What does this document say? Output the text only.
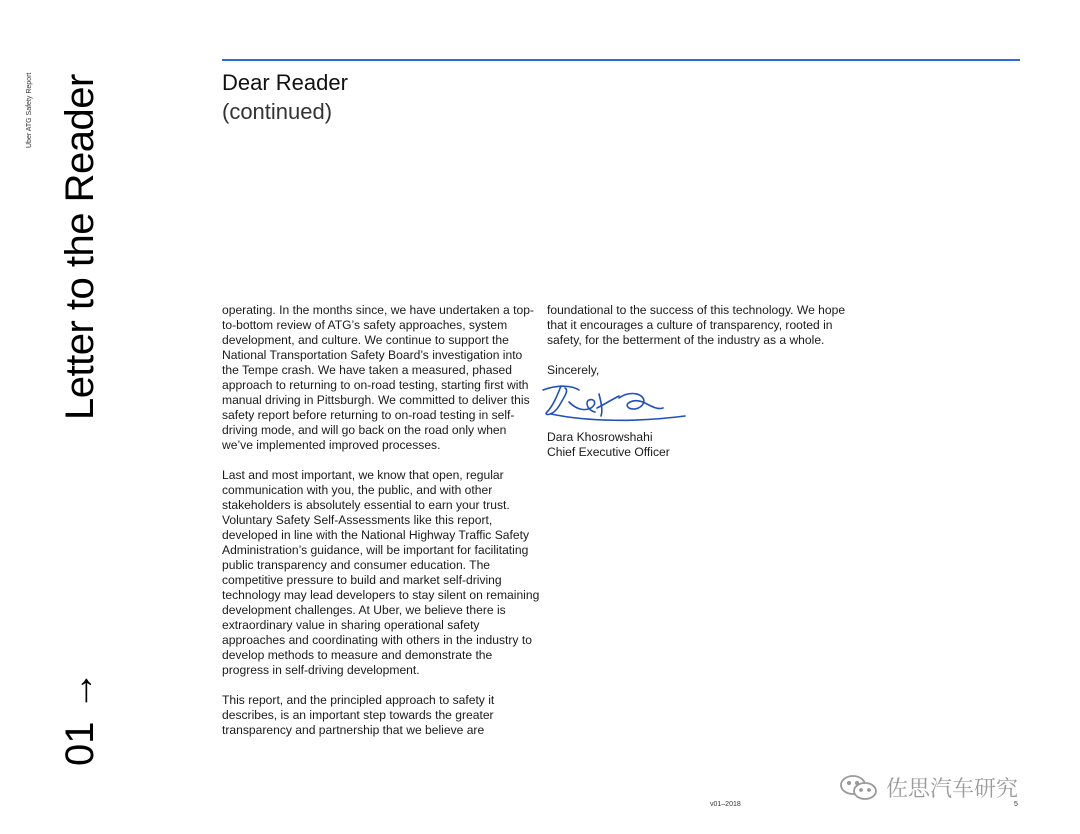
Uber ATG Safety Report Letter to the Reader
01 →
Dear Reader
(continued)

operating. In the months since, we have undertaken a top-to-bottom review of ATG’s safety approaches, system development, and culture. We continue to support the National Transportation Safety Board’s investigation into the Tempe crash. We have taken a measured, phased approach to returning to on-road testing, starting first with manual driving in Pittsburgh. We committed to deliver this safety report before returning to on-road testing in self-driving mode, and will go back on the road only when we’ve implemented improved processes.

Last and most important, we know that open, regular communication with you, the public, and with other stakeholders is absolutely essential to earn your trust. Voluntary Safety Self-Assessments like this report, developed in line with the National Highway Traffic Safety Administration’s guidance, will be important for facilitating public transparency and consumer education. The competitive pressure to build and market self-driving technology may lead developers to stay silent on remaining development challenges. At Uber, we believe there is extraordinary value in sharing operational safety approaches and coordinating with others in the industry to develop methods to measure and demonstrate the progress in self-driving development.

This report, and the principled approach to safety it describes, is an important step towards the greater transparency and partnership that we believe are

foundational to the success of this technology. We hope that it encourages a culture of transparency, rooted in safety, for the betterment of the industry as a whole.

Sincerely,

Dara Khosrowshahi
Chief Executive Officer
v01–2018	5
佐思汽车研究
